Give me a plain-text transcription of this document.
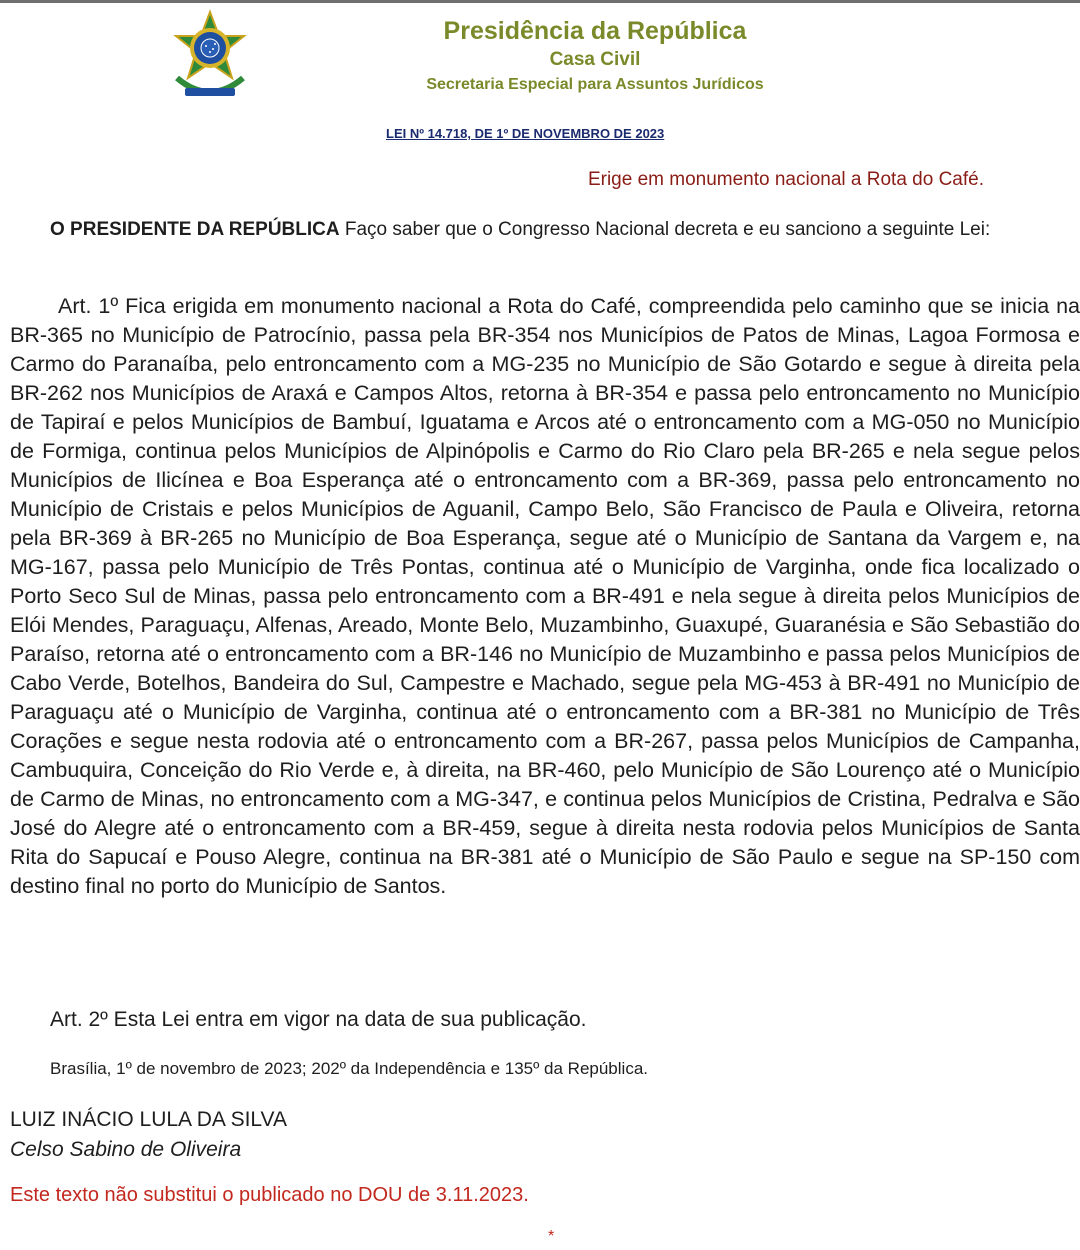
Presidência da República
Casa Civil
Secretaria Especial para Assuntos Jurídicos
LEI Nº 14.718, DE 1º DE NOVEMBRO DE 2023
Erige em monumento nacional a Rota do Café.
O PRESIDENTE DA REPÚBLICA Faço saber que o Congresso Nacional decreta e eu sanciono a seguinte Lei:
Art. 1º Fica erigida em monumento nacional a Rota do Café, compreendida pelo caminho que se inicia na BR-365 no Município de Patrocínio, passa pela BR-354 nos Municípios de Patos de Minas, Lagoa Formosa e Carmo do Paranaíba, pelo entroncamento com a MG-235 no Município de São Gotardo e segue à direita pela BR-262 nos Municípios de Araxá e Campos Altos, retorna à BR-354 e passa pelo entroncamento no Município de Tapiraí e pelos Municípios de Bambuí, Iguatama e Arcos até o entroncamento com a MG-050 no Município de Formiga, continua pelos Municípios de Alpinópolis e Carmo do Rio Claro pela BR-265 e nela segue pelos Municípios de Ilicínea e Boa Esperança até o entroncamento com a BR-369, passa pelo entroncamento no Município de Cristais e pelos Municípios de Aguanil, Campo Belo, São Francisco de Paula e Oliveira, retorna pela BR-369 à BR-265 no Município de Boa Esperança, segue até o Município de Santana da Vargem e, na MG-167, passa pelo Município de Três Pontas, continua até o Município de Varginha, onde fica localizado o Porto Seco Sul de Minas, passa pelo entroncamento com a BR-491 e nela segue à direita pelos Municípios de Elói Mendes, Paraguaçu, Alfenas, Areado, Monte Belo, Muzambinho, Guaxupé, Guaranésia e São Sebastião do Paraíso, retorna até o entroncamento com a BR-146 no Município de Muzambinho e passa pelos Municípios de Cabo Verde, Botelhos, Bandeira do Sul, Campestre e Machado, segue pela MG-453 à BR-491 no Município de Paraguaçu até o Município de Varginha, continua até o entroncamento com a BR-381 no Município de Três Corações e segue nesta rodovia até o entroncamento com a BR-267, passa pelos Municípios de Campanha, Cambuquira, Conceição do Rio Verde e, à direita, na BR-460, pelo Município de São Lourenço até o Município de Carmo de Minas, no entroncamento com a MG-347, e continua pelos Municípios de Cristina, Pedralva e São José do Alegre até o entroncamento com a BR-459, segue à direita nesta rodovia pelos Municípios de Santa Rita do Sapucaí e Pouso Alegre, continua na BR-381 até o Município de São Paulo e segue na SP-150 com destino final no porto do Município de Santos.
Art. 2º Esta Lei entra em vigor na data de sua publicação.
Brasília, 1º de novembro de 2023; 202º da Independência e 135º da República.
LUIZ INÁCIO LULA DA SILVA
Celso Sabino de Oliveira
Este texto não substitui o publicado no DOU de 3.11.2023.
*
